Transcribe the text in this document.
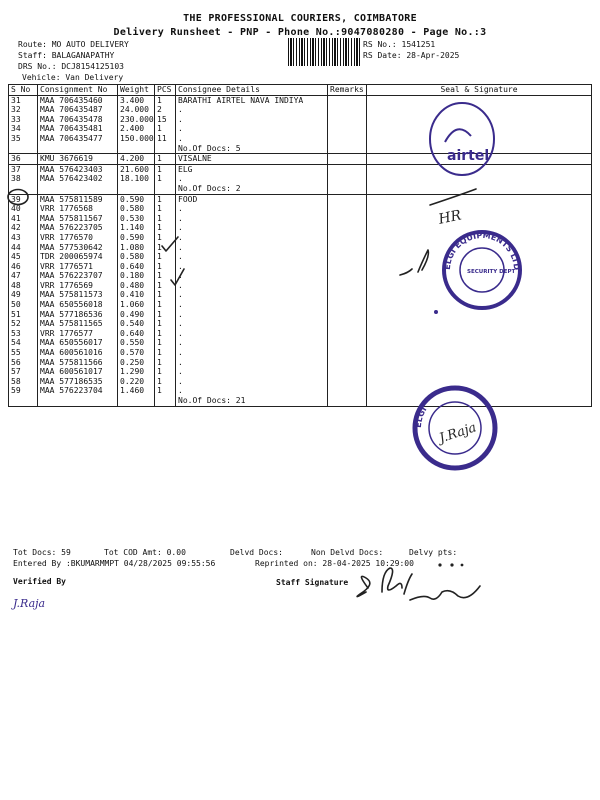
THE PROFESSIONAL COURIERS, COIMBATORE
Delivery Runsheet - PNP - Phone No.:9047080280 - Page No.:3
Route: MO AUTO DELIVERY
Staff: BALAGANAPATHY
DRS No.: DCJ8154125103
Vehicle: Van Delivery
RS No.: 1541251
RS Date: 28-Apr-2025
S No	Consignment No	Weight	PCS	Consignee Details	Remarks	Seal & Signature
31	MAA 706435460	3.400	1	BARATHI AIRTEL NAVA INDIYA		

32	MAA 706435487	24.000	2	.		
33	MAA 706435478	230.000	15	.		
34	MAA 706435481	2.400	1	.		
35	MAA 706435477	150.000	11	.		
				No.Of Docs: 5		
36	KMU 3676619	4.200	1	VISALNE		

37	MAA 576423403	21.600	1	ELG		

38	MAA 576423402	18.100	1	.		
				No.Of Docs: 2		
39	MAA 575811589	0.590	1	FOOD		

40	VRR 1776568	0.580	1	.		
41	MAA 575811567	0.530	1	.		
42	MAA 576223705	1.140	1	.		
43	VRR 1776570	0.590	1	.		
44	MAA 577530642	1.080	1	.		
45	TDR 200065974	0.580	1	.		
46	VRR 1776571	0.640	1	.		
47	MAA 576223707	0.180	1	.		
48	VRR 1776569	0.480	1	.		
49	MAA 575811573	0.410	1	.		
50	MAA 650556018	1.060	1	.		
51	MAA 577186536	0.490	1	.		
52	MAA 575811565	0.540	1	.		
53	VRR 1776577	0.640	1	.		
54	MAA 650556017	0.550	1	.		
55	MAA 600561016	0.570	1	.		
56	MAA 575811566	0.250	1	.		
57	MAA 600561017	1.290	1	.		
58	MAA 577186535	0.220	1	.		
59	MAA 576223704	1.460	1	.		
				No.Of Docs: 21		
Tot Docs: 59	Tot COD Amt: 0.00	Delvd Docs:	Non Delvd Docs:	Delvy pts:
Entered By :BKUMARMMPT 04/28/2025 09:55:56	Reprinted on: 28-04-2025 10:29:00
Verified By	Staff Signature
airtel
HR
ELGI EQUIPMENTS LTD
SECURITY DEPT
ELGI
J.Raja
J.Raja
